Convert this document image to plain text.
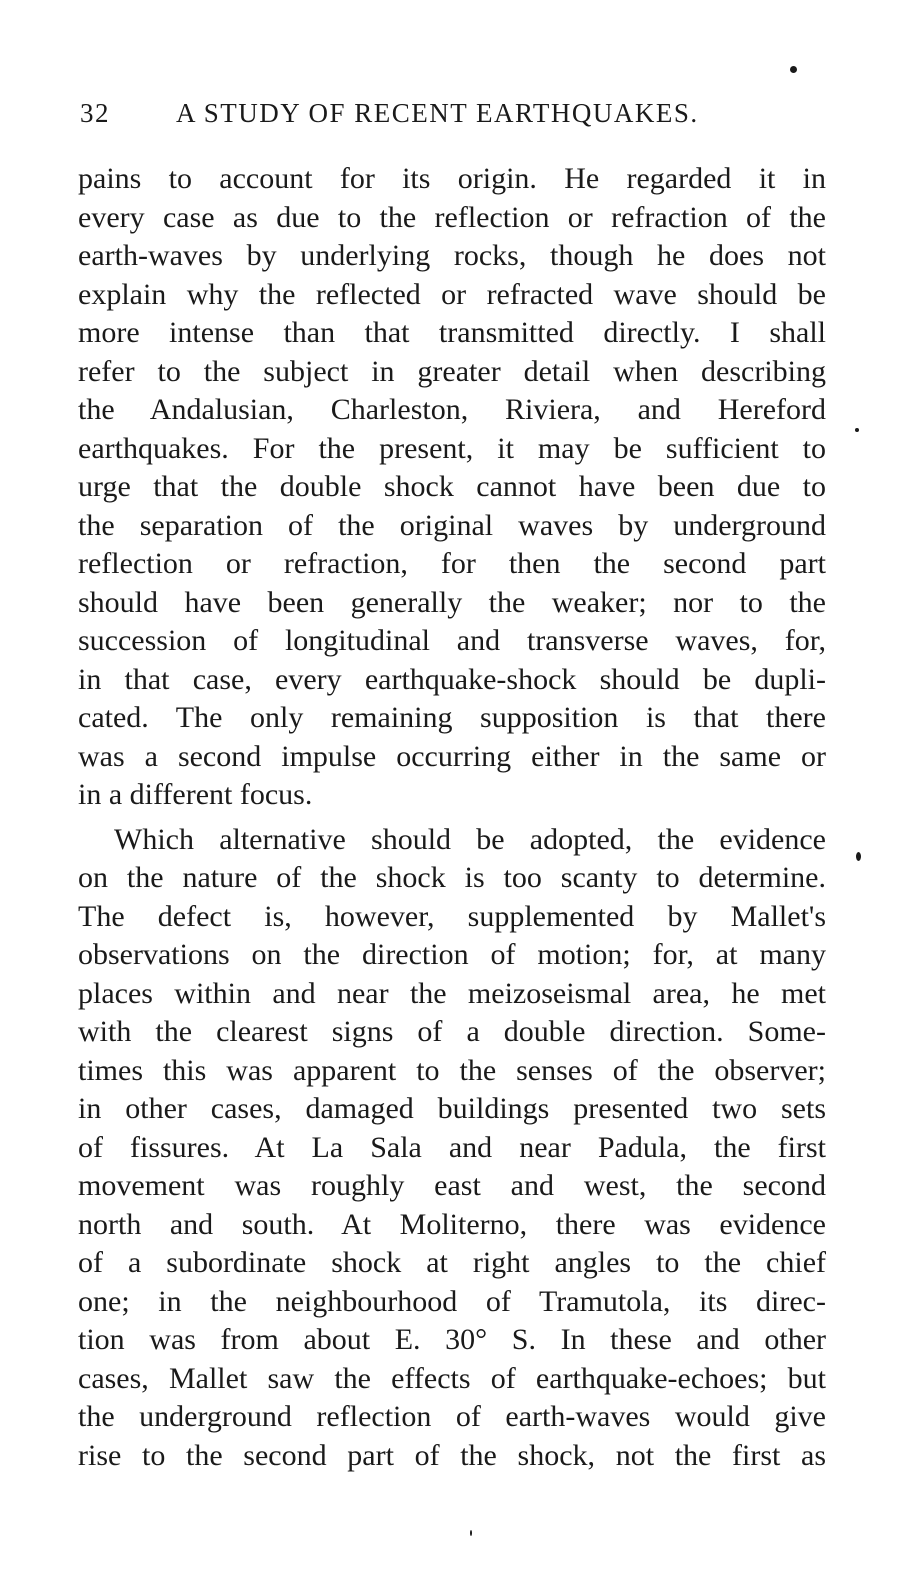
32 A STUDY OF RECENT EARTHQUAKES.
pains to account for its origin. He regarded it in
every case as due to the reflection or refraction of the
earth-waves by underlying rocks, though he does not
explain why the reflected or refracted wave should be
more intense than that transmitted directly. I shall
refer to the subject in greater detail when describing
the Andalusian, Charleston, Riviera, and Hereford
earthquakes. For the present, it may be sufficient to
urge that the double shock cannot have been due to
the separation of the original waves by underground
reflection or refraction, for then the second part
should have been generally the weaker; nor to the
succession of longitudinal and transverse waves, for,
in that case, every earthquake-shock should be dupli-
cated. The only remaining supposition is that there
was a second impulse occurring either in the same or
in a different focus.
Which alternative should be adopted, the evidence
on the nature of the shock is too scanty to determine.
The defect is, however, supplemented by Mallet's
observations on the direction of motion; for, at many
places within and near the meizoseismal area, he met
with the clearest signs of a double direction. Some-
times this was apparent to the senses of the observer;
in other cases, damaged buildings presented two sets
of fissures. At La Sala and near Padula, the first
movement was roughly east and west, the second
north and south. At Moliterno, there was evidence
of a subordinate shock at right angles to the chief
one; in the neighbourhood of Tramutola, its direc-
tion was from about E. 30° S. In these and other
cases, Mallet saw the effects of earthquake-echoes; but
the underground reflection of earth-waves would give
rise to the second part of the shock, not the first as
